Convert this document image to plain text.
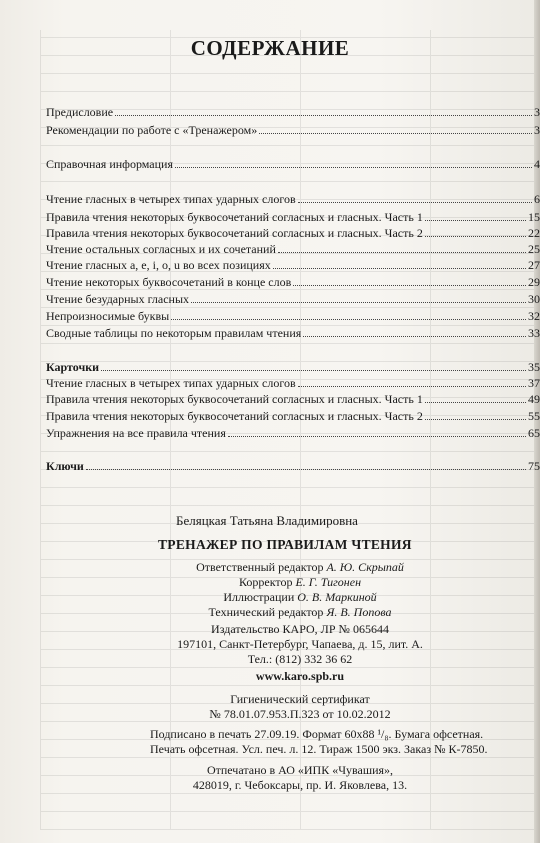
СОДЕРЖАНИЕ
Предисловие	3
Рекомендации по работе с «Тренажером»	3
Справочная информация	4
Чтение гласных в четырех типах ударных слогов	6
Правила чтения некоторых буквосочетаний согласных и гласных. Часть 1	15
Правила чтения некоторых буквосочетаний согласных и гласных. Часть 2	22
Чтение остальных согласных и их сочетаний	25
Чтение гласных a, e, i, o, u во всех позициях	27
Чтение некоторых буквосочетаний в конце слов	29
Чтение безударных гласных	30
Непроизносимые буквы	32
Сводные таблицы по некоторым правилам чтения	33
Карточки	35
Чтение гласных в четырех типах ударных слогов	37
Правила чтения некоторых буквосочетаний согласных и гласных. Часть 1	49
Правила чтения некоторых буквосочетаний согласных и гласных. Часть 2	55
Упражнения на все правила чтения	65
Ключи	75
Беляцкая Татьяна Владимировна
ТРЕНАЖЕР ПО ПРАВИЛАМ ЧТЕНИЯ
Ответственный редактор А. Ю. Скрыпай
Корректор Е. Г. Тигонен
Иллюстрации О. В. Маркиной
Технический редактор Я. В. Попова
Издательство КАРО, ЛР № 065644
197101, Санкт-Петербург, Чапаева, д. 15, лит. А.
Тел.: (812) 332 36 62
www.karo.spb.ru
Гигиенический сертификат
№ 78.01.07.953.П.323 от 10.02.2012
Подписано в печать 27.09.19. Формат 60x88 ¹/₈. Бумага офсетная.
Печать офсетная. Усл. печ. л. 12. Тираж 1500 экз. Заказ № К-7850.
Отпечатано в АО «ИПК «Чувашия»,
428019, г. Чебоксары, пр. И. Яковлева, 13.
